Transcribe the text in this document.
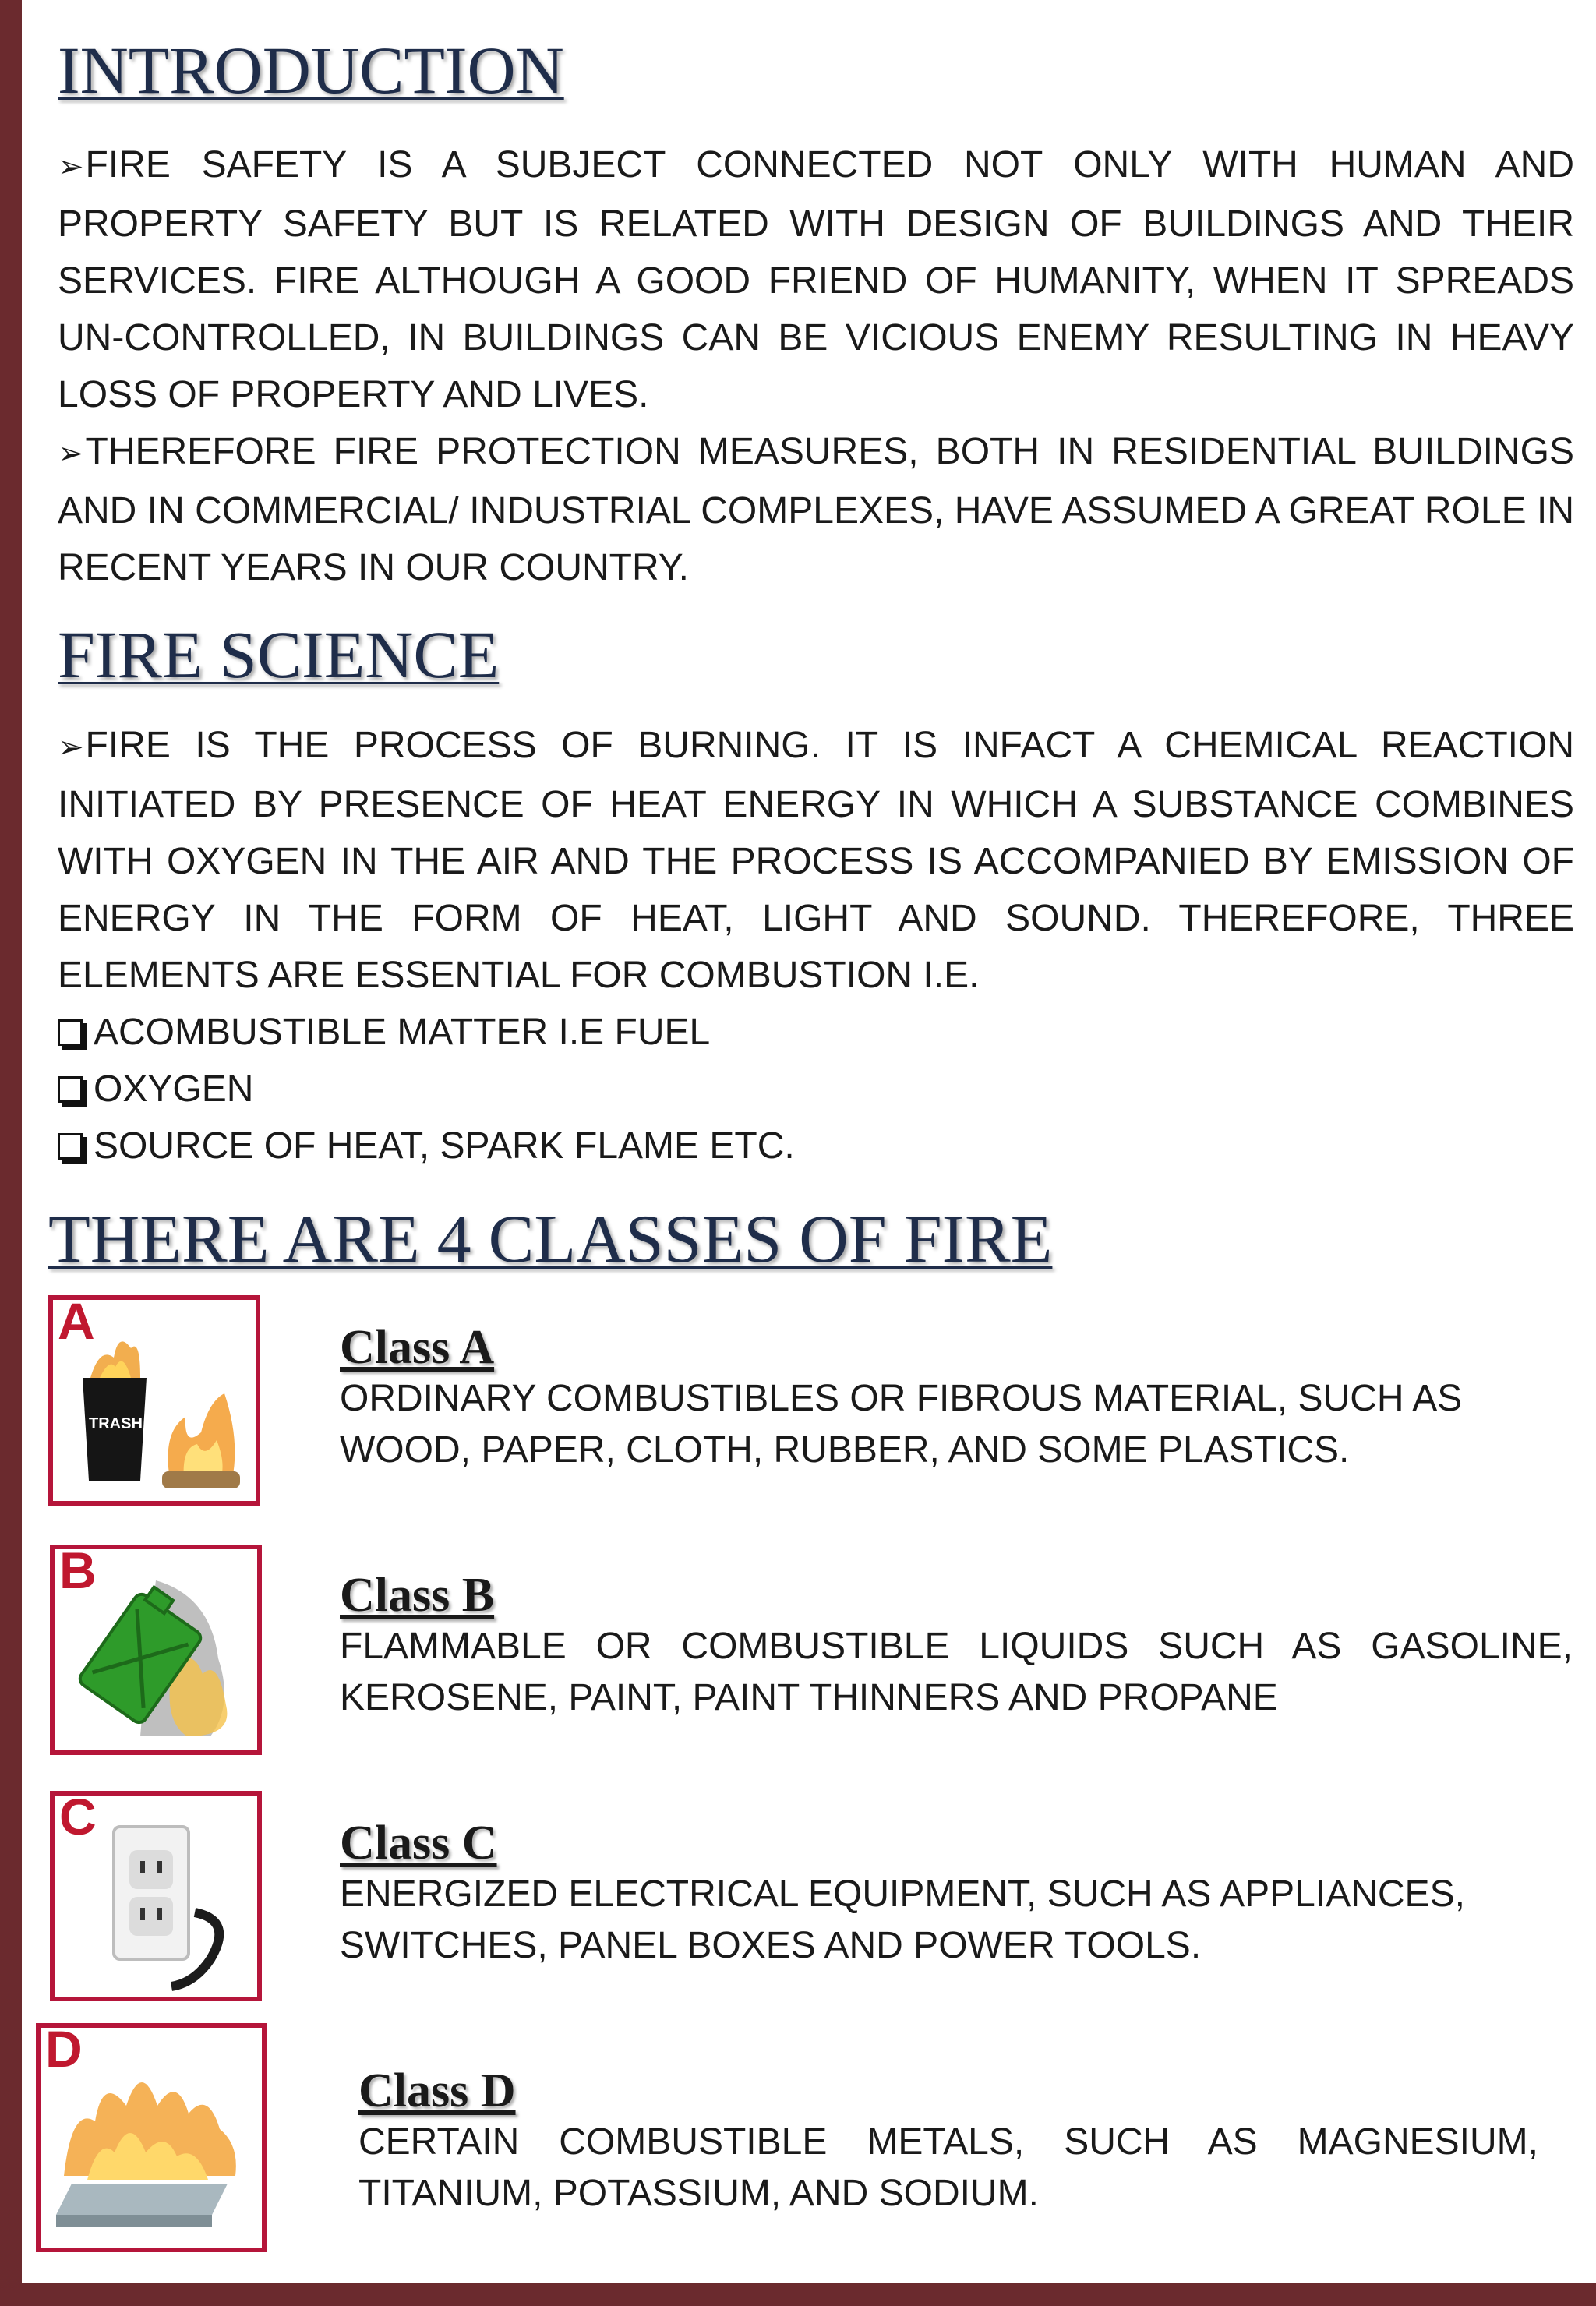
INTRODUCTION

➢FIRE SAFETY IS A SUBJECT CONNECTED NOT ONLY WITH HUMAN AND PROPERTY SAFETY BUT IS RELATED WITH DESIGN OF BUILDINGS AND THEIR SERVICES. FIRE ALTHOUGH A GOOD FRIEND OF HUMANITY, WHEN IT SPREADS UN-CONTROLLED, IN BUILDINGS CAN BE VICIOUS ENEMY RESULTING IN HEAVY LOSS OF PROPERTY AND LIVES.

➢THEREFORE FIRE PROTECTION MEASURES, BOTH IN RESIDENTIAL BUILDINGS AND IN COMMERCIAL/ INDUSTRIAL COMPLEXES, HAVE ASSUMED A GREAT ROLE IN RECENT YEARS IN OUR COUNTRY.

FIRE SCIENCE

➢FIRE IS THE PROCESS OF BURNING. IT IS INFACT A CHEMICAL REACTION INITIATED BY PRESENCE OF HEAT ENERGY IN WHICH A SUBSTANCE COMBINES WITH OXYGEN IN THE AIR AND THE PROCESS IS ACCOMPANIED BY EMISSION OF ENERGY IN THE FORM OF HEAT, LIGHT AND SOUND. THEREFORE, THREE ELEMENTS ARE ESSENTIAL FOR COMBUSTION I.E.

ACOMBUSTIBLE MATTER I.E FUEL
OXYGEN
SOURCE OF HEAT, SPARK FLAME ETC.
THERE ARE 4 CLASSES OF FIRE
A
TRASH
Class A
ORDINARY COMBUSTIBLES OR FIBROUS MATERIAL, SUCH AS WOOD, PAPER, CLOTH, RUBBER, AND SOME PLASTICS.
B	Class B
FLAMMABLE OR COMBUSTIBLE LIQUIDS SUCH AS GASOLINE, KEROSENE, PAINT, PAINT THINNERS AND PROPANE
C	Class C
ENERGIZED ELECTRICAL EQUIPMENT, SUCH AS APPLIANCES, SWITCHES, PANEL BOXES AND POWER TOOLS.
D
Class D
CERTAIN COMBUSTIBLE METALS, SUCH AS MAGNESIUM, TITANIUM, POTASSIUM, AND SODIUM.
